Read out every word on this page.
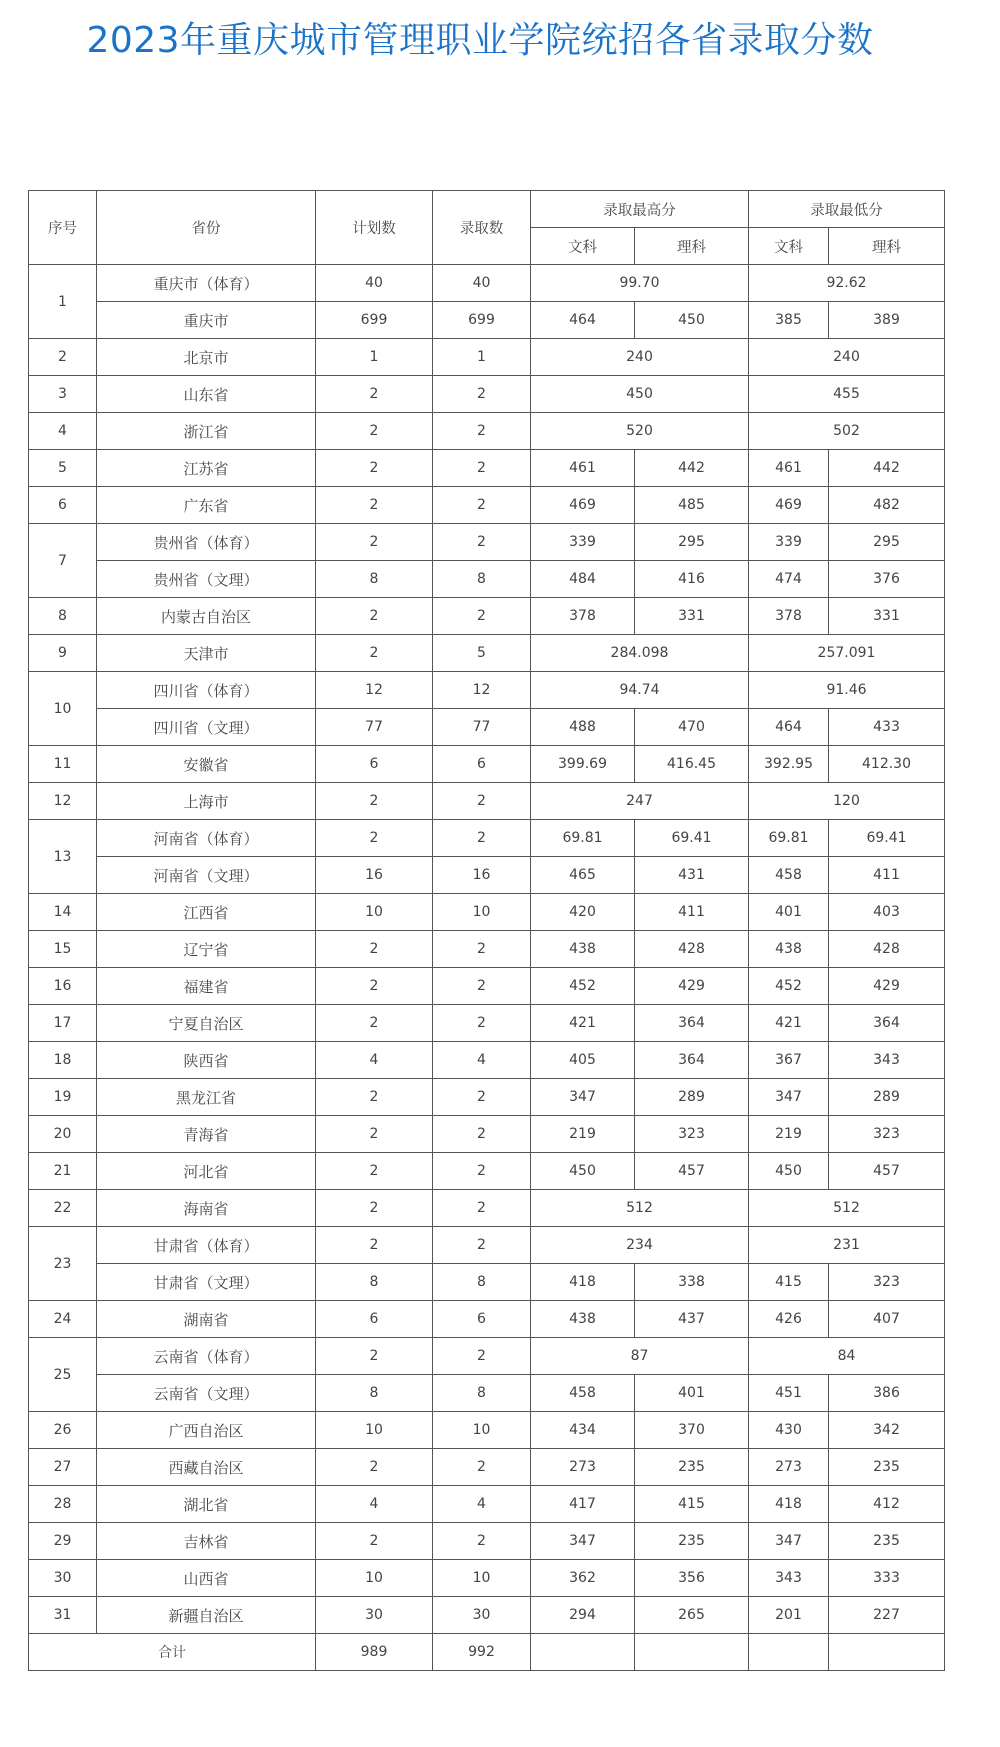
2023年重庆城市管理职业学院统招各省录取分数
序号	省份	计划数	录取数	录取最高分		录取最低分	
				文科	理科	文科	理科
1	重庆市（体育）	40	40	99.70		92.62	
	重庆市	699	699	464	450	385	389
2	北京市	1	1	240		240	
3	山东省	2	2	450		455	
4	浙江省	2	2	520		502	
5	江苏省	2	2	461	442	461	442
6	广东省	2	2	469	485	469	482
7	贵州省（体育）	2	2	339	295	339	295
	贵州省（文理）	8	8	484	416	474	376
8	内蒙古自治区	2	2	378	331	378	331
9	天津市	2	5	284.098		257.091	
10	四川省（体育）	12	12	94.74		91.46	
	四川省（文理）	77	77	488	470	464	433
11	安徽省	6	6	399.69	416.45	392.95	412.30
12	上海市	2	2	247		120	
13	河南省（体育）	2	2	69.81	69.41	69.81	69.41
	河南省（文理）	16	16	465	431	458	411
14	江西省	10	10	420	411	401	403
15	辽宁省	2	2	438	428	438	428
16	福建省	2	2	452	429	452	429
17	宁夏自治区	2	2	421	364	421	364
18	陕西省	4	4	405	364	367	343
19	黑龙江省	2	2	347	289	347	289
20	青海省	2	2	219	323	219	323
21	河北省	2	2	450	457	450	457
22	海南省	2	2	512		512	
23	甘肃省（体育）	2	2	234		231	
	甘肃省（文理）	8	8	418	338	415	323
24	湖南省	6	6	438	437	426	407
25	云南省（体育）	2	2	87		84	
	云南省（文理）	8	8	458	401	451	386
26	广西自治区	10	10	434	370	430	342
27	西藏自治区	2	2	273	235	273	235
28	湖北省	4	4	417	415	418	412
29	吉林省	2	2	347	235	347	235
30	山西省	10	10	362	356	343	333
31	新疆自治区	30	30	294	265	201	227
合计		989	992				
